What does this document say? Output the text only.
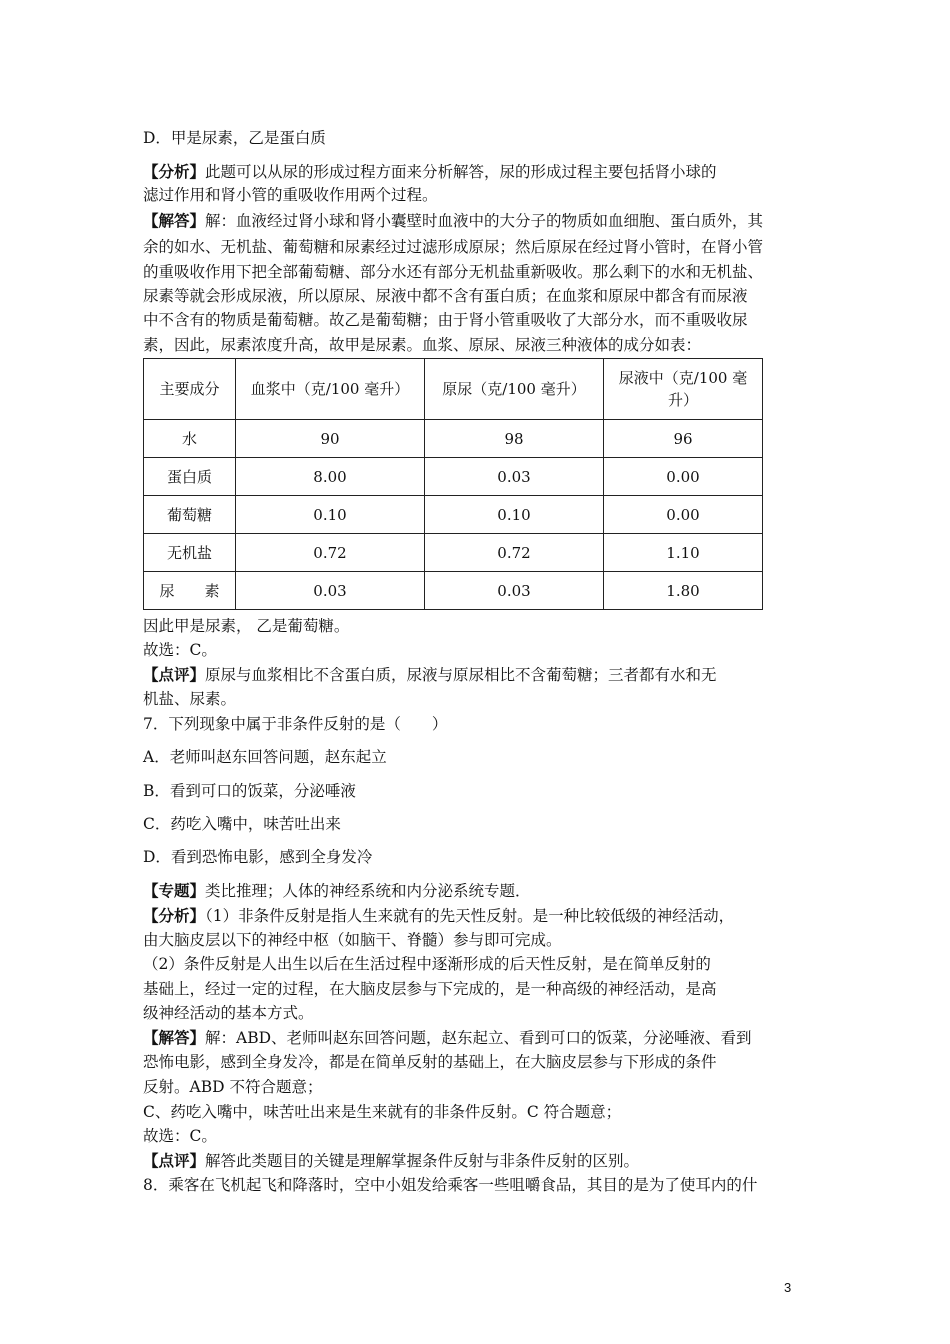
D．甲是尿素，乙是蛋白质
【分析】此题可以从尿的形成过程方面来分析解答，尿的形成过程主要包括肾小球的
滤过作用和肾小管的重吸收作用两个过程。
【解答】解：血液经过肾小球和肾小囊壁时血液中的大分子的物质如血细胞、蛋白质外，其
余的如水、无机盐、葡萄糖和尿素经过过滤形成原尿；然后原尿在经过肾小管时，在肾小管
的重吸收作用下把全部葡萄糖、部分水还有部分无机盐重新吸收。那么剩下的水和无机盐、
尿素等就会形成尿液，所以原尿、尿液中都不含有蛋白质；在血浆和原尿中都含有而尿液
中不含有的物质是葡萄糖。故乙是葡萄糖；由于肾小管重吸收了大部分水，而不重吸收尿
素，因此，尿素浓度升高，故甲是尿素。血浆、原尿、尿液三种液体的成分如表：
主要成分	血浆中（克/100 毫升）	原尿（克/100 毫升）	尿液中（克/100 毫升）
水	90	98	96
蛋白质	8.00	0.03	0.00
葡萄糖	0.10	0.10	0.00
无机盐	0.72	0.72	1.10
尿　　素	0.03	0.03	1.80
因此甲是尿素， 乙是葡萄糖。
故选：C。
【点评】原尿与血浆相比不含蛋白质，尿液与原尿相比不含葡萄糖；三者都有水和无
机盐、尿素。
7．下列现象中属于非条件反射的是（　　）
A．老师叫赵东回答问题，赵东起立
B．看到可口的饭菜，分泌唾液
C．药吃入嘴中，味苦吐出来
D．看到恐怖电影，感到全身发冷
【专题】类比推理；人体的神经系统和内分泌系统专题．
【分析】（1）非条件反射是指人生来就有的先天性反射。是一种比较低级的神经活动，
由大脑皮层以下的神经中枢（如脑干、脊髓）参与即可完成。
（2）条件反射是人出生以后在生活过程中逐渐形成的后天性反射，是在简单反射的
基础上，经过一定的过程，在大脑皮层参与下完成的，是一种高级的神经活动，是高
级神经活动的基本方式。
【解答】解：ABD、老师叫赵东回答问题，赵东起立、看到可口的饭菜，分泌唾液、看到
恐怖电影，感到全身发冷，都是在简单反射的基础上，在大脑皮层参与下形成的条件
反射。ABD 不符合题意；
C、药吃入嘴中，味苦吐出来是生来就有的非条件反射。C 符合题意；
故选：C。
【点评】解答此类题目的关键是理解掌握条件反射与非条件反射的区别。
8．乘客在飞机起飞和降落时，空中小姐发给乘客一些咀嚼食品，其目的是为了使耳内的什
3
